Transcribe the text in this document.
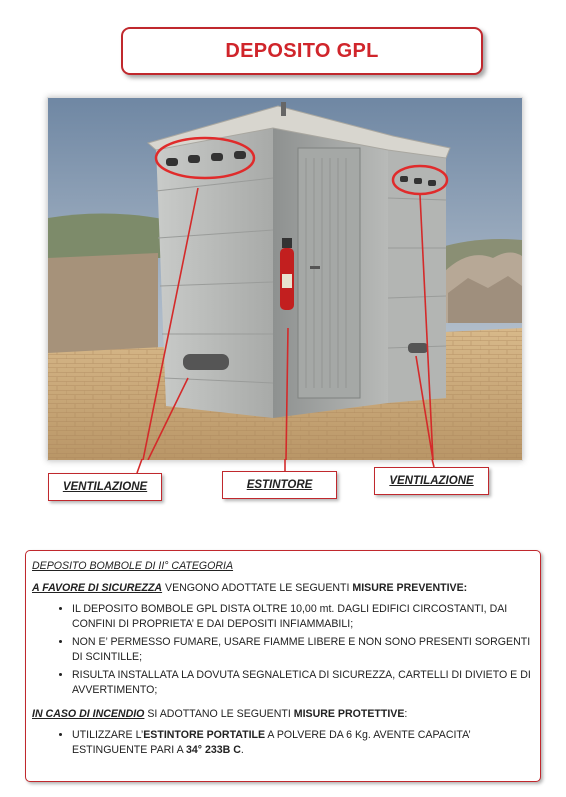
DEPOSITO GPL
VENTILAZIONE	ESTINTORE	VENTILAZIONE
DEPOSITO BOMBOLE DI II° CATEGORIA
A FAVORE DI SICUREZZA VENGONO ADOTTATE LE SEGUENTI MISURE PREVENTIVE:
• IL DEPOSITO BOMBOLE GPL DISTA OLTRE 10,00 mt. DAGLI EDIFICI CIRCOSTANTI, DAI CONFINI DI PROPRIETA’ E DAI DEPOSITI INFIAMMABILI;
• NON E’ PERMESSO FUMARE, USARE FIAMME LIBERE E NON SONO PRESENTI SORGENTI DI SCINTILLE;
• RISULTA INSTALLATA LA DOVUTA SEGNALETICA DI SICUREZZA, CARTELLI DI DIVIETO E DI AVVERTIMENTO;
IN CASO DI INCENDIO SI ADOTTANO LE SEGUENTI MISURE PROTETTIVE:
• UTILIZZARE L’ESTINTORE PORTATILE A POLVERE DA 6 Kg. AVENTE CAPACITA’ ESTINGUENTE PARI A 34° 233B C.
